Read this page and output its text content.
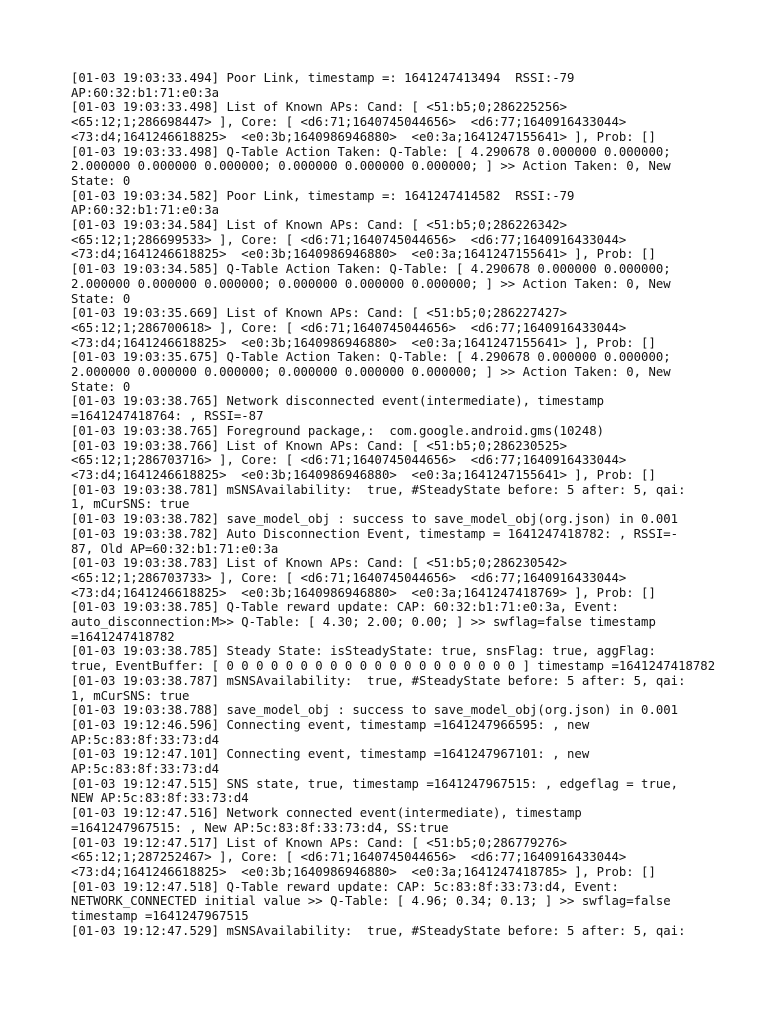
[01-03 19:03:33.494] Poor Link, timestamp =: 1641247413494  RSSI:-79
AP:60:32:b1:71:e0:3a
[01-03 19:03:33.498] List of Known APs: Cand: [ <51:b5;0;286225256>
<65:12;1;286698447> ], Core: [ <d6:71;1640745044656>  <d6:77;1640916433044>
<73:d4;1641246618825>  <e0:3b;1640986946880>  <e0:3a;1641247155641> ], Prob: []
[01-03 19:03:33.498] Q-Table Action Taken: Q-Table: [ 4.290678 0.000000 0.000000;
2.000000 0.000000 0.000000; 0.000000 0.000000 0.000000; ] >> Action Taken: 0, New
State: 0
[01-03 19:03:34.582] Poor Link, timestamp =: 1641247414582  RSSI:-79
AP:60:32:b1:71:e0:3a
[01-03 19:03:34.584] List of Known APs: Cand: [ <51:b5;0;286226342>
<65:12;1;286699533> ], Core: [ <d6:71;1640745044656>  <d6:77;1640916433044>
<73:d4;1641246618825>  <e0:3b;1640986946880>  <e0:3a;1641247155641> ], Prob: []
[01-03 19:03:34.585] Q-Table Action Taken: Q-Table: [ 4.290678 0.000000 0.000000;
2.000000 0.000000 0.000000; 0.000000 0.000000 0.000000; ] >> Action Taken: 0, New
State: 0
[01-03 19:03:35.669] List of Known APs: Cand: [ <51:b5;0;286227427>
<65:12;1;286700618> ], Core: [ <d6:71;1640745044656>  <d6:77;1640916433044>
<73:d4;1641246618825>  <e0:3b;1640986946880>  <e0:3a;1641247155641> ], Prob: []
[01-03 19:03:35.675] Q-Table Action Taken: Q-Table: [ 4.290678 0.000000 0.000000;
2.000000 0.000000 0.000000; 0.000000 0.000000 0.000000; ] >> Action Taken: 0, New
State: 0
[01-03 19:03:38.765] Network disconnected event(intermediate), timestamp
=1641247418764: , RSSI=-87
[01-03 19:03:38.765] Foreground package,:  com.google.android.gms(10248)
[01-03 19:03:38.766] List of Known APs: Cand: [ <51:b5;0;286230525>
<65:12;1;286703716> ], Core: [ <d6:71;1640745044656>  <d6:77;1640916433044>
<73:d4;1641246618825>  <e0:3b;1640986946880>  <e0:3a;1641247155641> ], Prob: []
[01-03 19:03:38.781] mSNSAvailability:  true, #SteadyState before: 5 after: 5, qai:
1, mCurSNS: true
[01-03 19:03:38.782] save_model_obj : success to save_model_obj(org.json) in 0.001
[01-03 19:03:38.782] Auto Disconnection Event, timestamp = 1641247418782: , RSSI=-
87, Old AP=60:32:b1:71:e0:3a
[01-03 19:03:38.783] List of Known APs: Cand: [ <51:b5;0;286230542>
<65:12;1;286703733> ], Core: [ <d6:71;1640745044656>  <d6:77;1640916433044>
<73:d4;1641246618825>  <e0:3b;1640986946880>  <e0:3a;1641247418769> ], Prob: []
[01-03 19:03:38.785] Q-Table reward update: CAP: 60:32:b1:71:e0:3a, Event:
auto_disconnection:M>> Q-Table: [ 4.30; 2.00; 0.00; ] >> swflag=false timestamp
=1641247418782
[01-03 19:03:38.785] Steady State: isSteadyState: true, snsFlag: true, aggFlag:
true, EventBuffer: [ 0 0 0 0 0 0 0 0 0 0 0 0 0 0 0 0 0 0 0 0 ] timestamp =1641247418782
[01-03 19:03:38.787] mSNSAvailability:  true, #SteadyState before: 5 after: 5, qai:
1, mCurSNS: true
[01-03 19:03:38.788] save_model_obj : success to save_model_obj(org.json) in 0.001
[01-03 19:12:46.596] Connecting event, timestamp =1641247966595: , new
AP:5c:83:8f:33:73:d4
[01-03 19:12:47.101] Connecting event, timestamp =1641247967101: , new
AP:5c:83:8f:33:73:d4
[01-03 19:12:47.515] SNS state, true, timestamp =1641247967515: , edgeflag = true,
NEW AP:5c:83:8f:33:73:d4
[01-03 19:12:47.516] Network connected event(intermediate), timestamp
=1641247967515: , New AP:5c:83:8f:33:73:d4, SS:true
[01-03 19:12:47.517] List of Known APs: Cand: [ <51:b5;0;286779276>
<65:12;1;287252467> ], Core: [ <d6:71;1640745044656>  <d6:77;1640916433044>
<73:d4;1641246618825>  <e0:3b;1640986946880>  <e0:3a;1641247418785> ], Prob: []
[01-03 19:12:47.518] Q-Table reward update: CAP: 5c:83:8f:33:73:d4, Event:
NETWORK_CONNECTED initial value >> Q-Table: [ 4.96; 0.34; 0.13; ] >> swflag=false
timestamp =1641247967515
[01-03 19:12:47.529] mSNSAvailability:  true, #SteadyState before: 5 after: 5, qai:
